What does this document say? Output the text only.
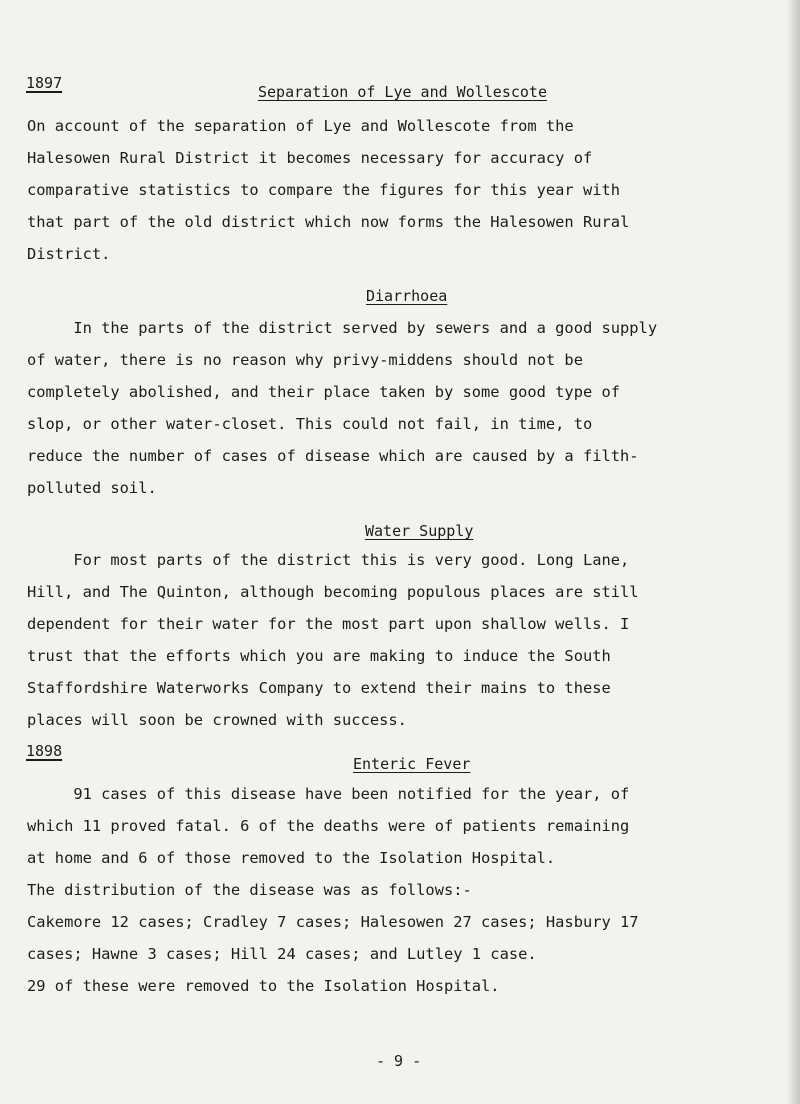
1897	Separation of Lye and Wollescote

On account of the separation of Lye and Wollescote from the
Halesowen Rural District it becomes necessary for accuracy of
comparative statistics to compare the figures for this year with
that part of the old district which now forms the Halesowen Rural
District.

Diarrhoea

In the parts of the district served by sewers and a good supply
of water, there is no reason why privy-middens should not be
completely abolished, and their place taken by some good type of
slop, or other water-closet. This could not fail, in time, to
reduce the number of cases of disease which are caused by a filth-
polluted soil.

Water Supply

For most parts of the district this is very good. Long Lane,
Hill, and The Quinton, although becoming populous places are still
dependent for their water for the most part upon shallow wells. I
trust that the efforts which you are making to induce the South
Staffordshire Waterworks Company to extend their mains to these
places will soon be crowned with success.

1898
Enteric Fever

91 cases of this disease have been notified for the year, of
which 11 proved fatal. 6 of the deaths were of patients remaining
at home and 6 of those removed to the Isolation Hospital.
The distribution of the disease was as follows:-
Cakemore 12 cases; Cradley 7 cases; Halesowen 27 cases; Hasbury 17
cases; Hawne 3 cases; Hill 24 cases; and Lutley 1 case.
29 of these were removed to the Isolation Hospital.

- 9 -
